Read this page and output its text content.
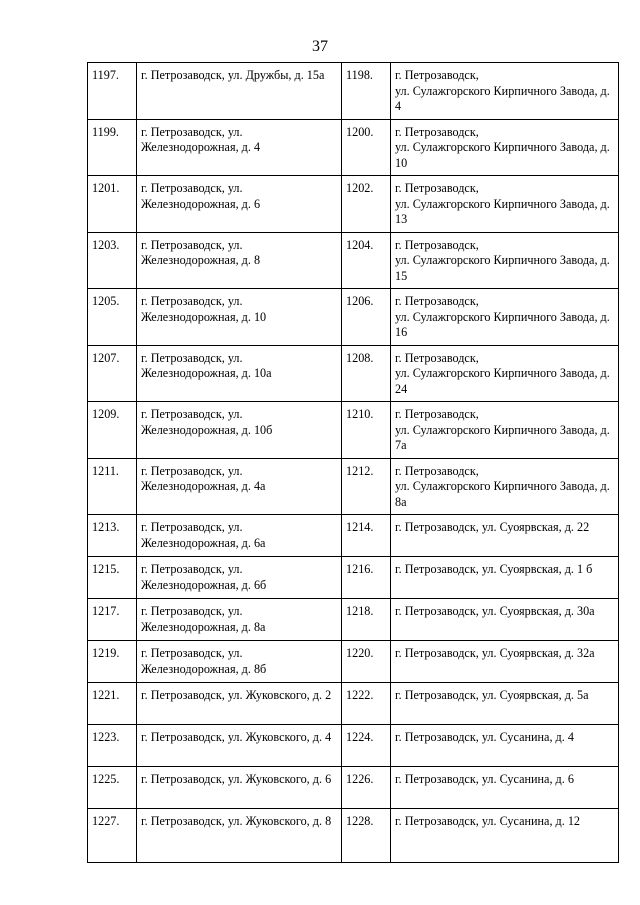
37
1197.	г. Петрозаводск, ул. Дружбы, д. 15а	1198.	г. Петрозаводск,
ул. Сулажгорского Кирпичного Завода, д. 4
1199.	г. Петрозаводск, ул. Железнодорожная, д. 4	1200.	г. Петрозаводск,
ул. Сулажгорского Кирпичного Завода, д. 10
1201.	г. Петрозаводск, ул. Железнодорожная, д. 6	1202.	г. Петрозаводск,
ул. Сулажгорского Кирпичного Завода, д. 13
1203.	г. Петрозаводск, ул. Железнодорожная, д. 8	1204.	г. Петрозаводск,
ул. Сулажгорского Кирпичного Завода, д. 15
1205.	г. Петрозаводск, ул. Железнодорожная, д. 10	1206.	г. Петрозаводск,
ул. Сулажгорского Кирпичного Завода, д. 16
1207.	г. Петрозаводск, ул. Железнодорожная, д. 10а	1208.	г. Петрозаводск,
ул. Сулажгорского Кирпичного Завода, д. 24
1209.	г. Петрозаводск, ул. Железнодорожная, д. 10б	1210.	г. Петрозаводск,
ул. Сулажгорского Кирпичного Завода, д. 7а
1211.	г. Петрозаводск, ул. Железнодорожная, д. 4а	1212.	г. Петрозаводск,
ул. Сулажгорского Кирпичного Завода, д. 8а
1213.	г. Петрозаводск, ул. Железнодорожная, д. 6а	1214.	г. Петрозаводск, ул. Суоярвская, д. 22
1215.	г. Петрозаводск, ул. Железнодорожная, д. 6б	1216.	г. Петрозаводск, ул. Суоярвская, д. 1 б
1217.	г. Петрозаводск, ул. Железнодорожная, д. 8а	1218.	г. Петрозаводск, ул. Суоярвская, д. 30а
1219.	г. Петрозаводск, ул. Железнодорожная, д. 8б	1220.	г. Петрозаводск, ул. Суоярвская, д. 32а
1221.	г. Петрозаводск, ул. Жуковского, д. 2	1222.	г. Петрозаводск, ул. Суоярвская, д. 5а
1223.	г. Петрозаводск, ул. Жуковского, д. 4	1224.	г. Петрозаводск, ул. Сусанина, д. 4
1225.	г. Петрозаводск, ул. Жуковского, д. 6	1226.	г. Петрозаводск, ул. Сусанина, д. 6
1227.	г. Петрозаводск, ул. Жуковского, д. 8	1228.	г. Петрозаводск, ул. Сусанина, д. 12
